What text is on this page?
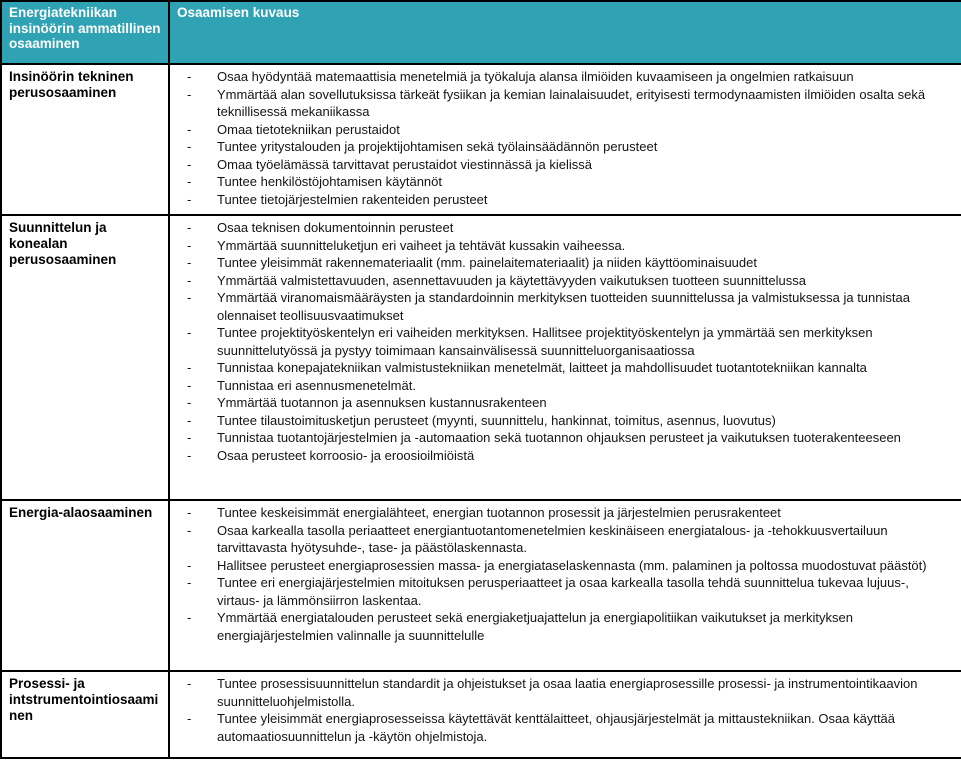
Energiatekniikan insinöörin ammatillinen osaaminen	Osaamisen kuvaus
Insinöörin tekninen perusosaaminen	
-	Osaa hyödyntää matemaattisia menetelmiä ja työkaluja alansa ilmiöiden kuvaamiseen ja ongelmien ratkaisuun
-	Ymmärtää alan sovellutuksissa tärkeät fysiikan ja kemian lainalaisuudet, erityisesti termodynaamisten ilmiöiden osalta sekä teknillisessä mekaniikassa
-	Omaa tietotekniikan perustaidot
-	Tuntee yritystalouden ja projektijohtamisen sekä työlainsäädännön perusteet
-	Omaa työelämässä tarvittavat perustaidot viestinnässä ja kielissä
-	Tuntee henkilöstöjohtamisen käytännöt
-	Tuntee tietojärjestelmien rakenteiden perusteet

Suunnittelun ja konealan perusosaaminen	
-	Osaa teknisen dokumentoinnin perusteet
-	Ymmärtää suunnitteluketjun eri vaiheet ja tehtävät kussakin vaiheessa.
-	Tuntee yleisimmät rakennemateriaalit (mm. painelaitemateriaalit) ja niiden käyttöominaisuudet
-	Ymmärtää valmistettavuuden, asennettavuuden ja käytettävyyden vaikutuksen tuotteen suunnittelussa
-	Ymmärtää viranomaismääräysten ja standardoinnin merkityksen tuotteiden suunnittelussa ja valmistuksessa ja tunnistaa olennaiset teollisuusvaatimukset
-	Tuntee projektityöskentelyn eri vaiheiden merkityksen. Hallitsee projektityöskentelyn ja ymmärtää sen merkityksen suunnittelutyössä ja pystyy toimimaan kansainvälisessä suunnitteluorganisaatiossa
-	Tunnistaa konepajatekniikan valmistustekniikan menetelmät, laitteet ja mahdollisuudet tuotantotekniikan kannalta
-	Tunnistaa eri asennusmenetelmät.
-	Ymmärtää tuotannon ja asennuksen kustannusrakenteen
-	Tuntee tilaustoimitusketjun perusteet (myynti, suunnittelu, hankinnat, toimitus, asennus, luovutus)
-	Tunnistaa tuotantojärjestelmien ja -automaation sekä tuotannon ohjauksen perusteet ja vaikutuksen tuoterakenteeseen
-	Osaa perusteet korroosio- ja eroosioilmiöistä

Energia-alaosaaminen	-	Tuntee keskeisimmät energialähteet, energian tuotannon prosessit ja järjestelmien perusrakenteet
-	Osaa karkealla tasolla periaatteet energiantuotantomenetelmien keskinäiseen energiatalous- ja -tehokkuusvertailuun tarvittavasta hyötysuhde-, tase- ja päästölaskennasta.
-	Hallitsee perusteet energiaprosessien massa- ja energiataselaskennasta (mm. palaminen ja poltossa muodostuvat päästöt)
-	Tuntee eri energiajärjestelmien mitoituksen perusperiaatteet ja osaa karkealla tasolla tehdä suunnittelua tukevaa lujuus-, virtaus- ja lämmönsiirron laskentaa.
-	Ymmärtää energiatalouden perusteet sekä energiaketjuajattelun ja energiapolitiikan vaikutukset ja merkityksen energiajärjestelmien valinnalle ja suunnittelulle

Prosessi- ja intstrumentointiosaaminen	
-	Tuntee prosessisuunnittelun standardit ja ohjeistukset ja osaa laatia energiaprosessille prosessi- ja instrumentointikaavion suunnitteluohjelmistolla.
-	Tuntee yleisimmät energiaprosesseissa käytettävät kenttälaitteet, ohjausjärjestelmät ja mittaustekniikan. Osaa käyttää automaatiosuunnittelun ja -käytön ohjelmistoja.
